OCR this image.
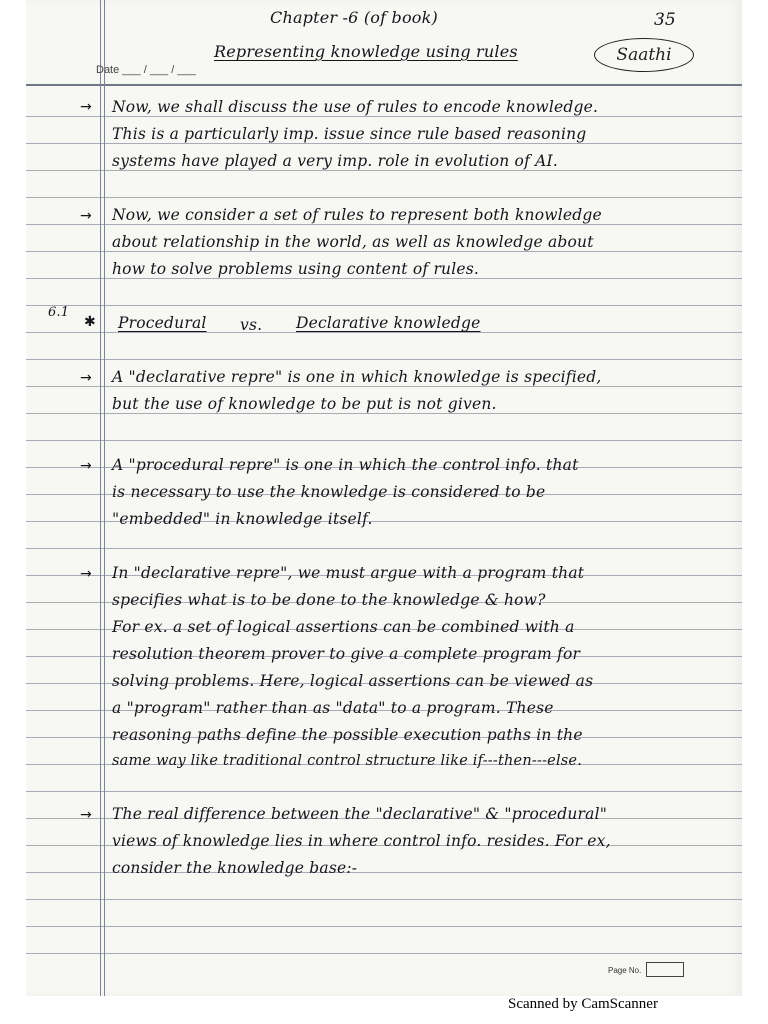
35
Chapter -6 (of book)
Representing knowledge using rules	Saathi
Date ___ / ___ / ___
→ Now, we shall discuss the use of rules to encode knowledge.
This is a particularly imp. issue since rule based reasoning
systems have played a very imp. role in evolution of AI.
→ Now, we consider a set of rules to represent both knowledge
about relationship in the world, as well as knowledge about
how to solve problems using content of rules.
6.1
✱ Procedural vs. Declarative knowledge
→ A "declarative repre" is one in which knowledge is specified,
but the use of knowledge to be put is not given.
→ A "procedural repre" is one in which the control info. that
is necessary to use the knowledge is considered to be
"embedded" in knowledge itself.
→ In "declarative repre", we must argue with a program that
specifies what is to be done to the knowledge & how?
For ex. a set of logical assertions can be combined with a
resolution theorem prover to give a complete program for
solving problems. Here, logical assertions can be viewed as
a "program" rather than as "data" to a program. These
reasoning paths define the possible execution paths in the
same way like traditional control structure like if---then---else.
→ The real difference between the "declarative" & "procedural"
views of knowledge lies in where control info. resides. For ex,
consider the knowledge base:-
Page No.
Scanned by CamScanner
